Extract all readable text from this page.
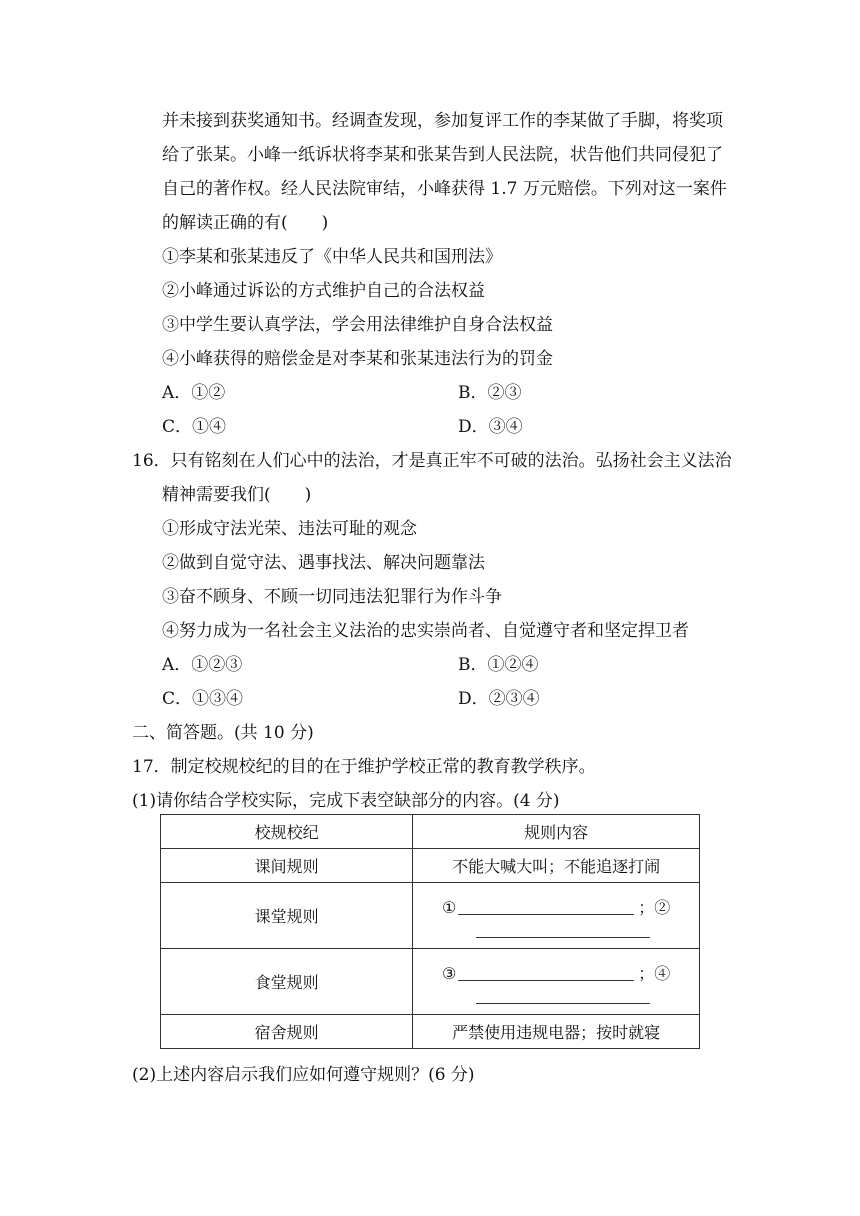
并未接到获奖通知书。经调查发现，参加复评工作的李某做了手脚，将奖项
给了张某。小峰一纸诉状将李某和张某告到人民法院，状告他们共同侵犯了
自己的著作权。经人民法院审结，小峰获得 1.7 万元赔偿。下列对这一案件
的解读正确的有(　　)
①李某和张某违反了《中华人民共和国刑法》
②小峰通过诉讼的方式维护自己的合法权益
③中学生要认真学法，学会用法律维护自身合法权益
④小峰获得的赔偿金是对李某和张某违法行为的罚金
A．①②	B．②③
C．①④	D．③④
16．只有铭刻在人们心中的法治，才是真正牢不可破的法治。弘扬社会主义法治
精神需要我们(　　)
①形成守法光荣、违法可耻的观念
②做到自觉守法、遇事找法、解决问题靠法
③奋不顾身、不顾一切同违法犯罪行为作斗争
④努力成为一名社会主义法治的忠实崇尚者、自觉遵守者和坚定捍卫者
A．①②③	B．①②④
C．①③④	D．②③④
二、简答题。(共 10 分)
17．制定校规校纪的目的在于维护学校正常的教育教学秩序。
(1)请你结合学校实际，完成下表空缺部分的内容。(4 分)
校规校纪	规则内容
课间规则	不能大喊大叫；不能追逐打闹
课堂规则	① ；②

食堂规则	③ ；④

宿舍规则	严禁使用违规电器；按时就寝
(2)上述内容启示我们应如何遵守规则？(6 分)
